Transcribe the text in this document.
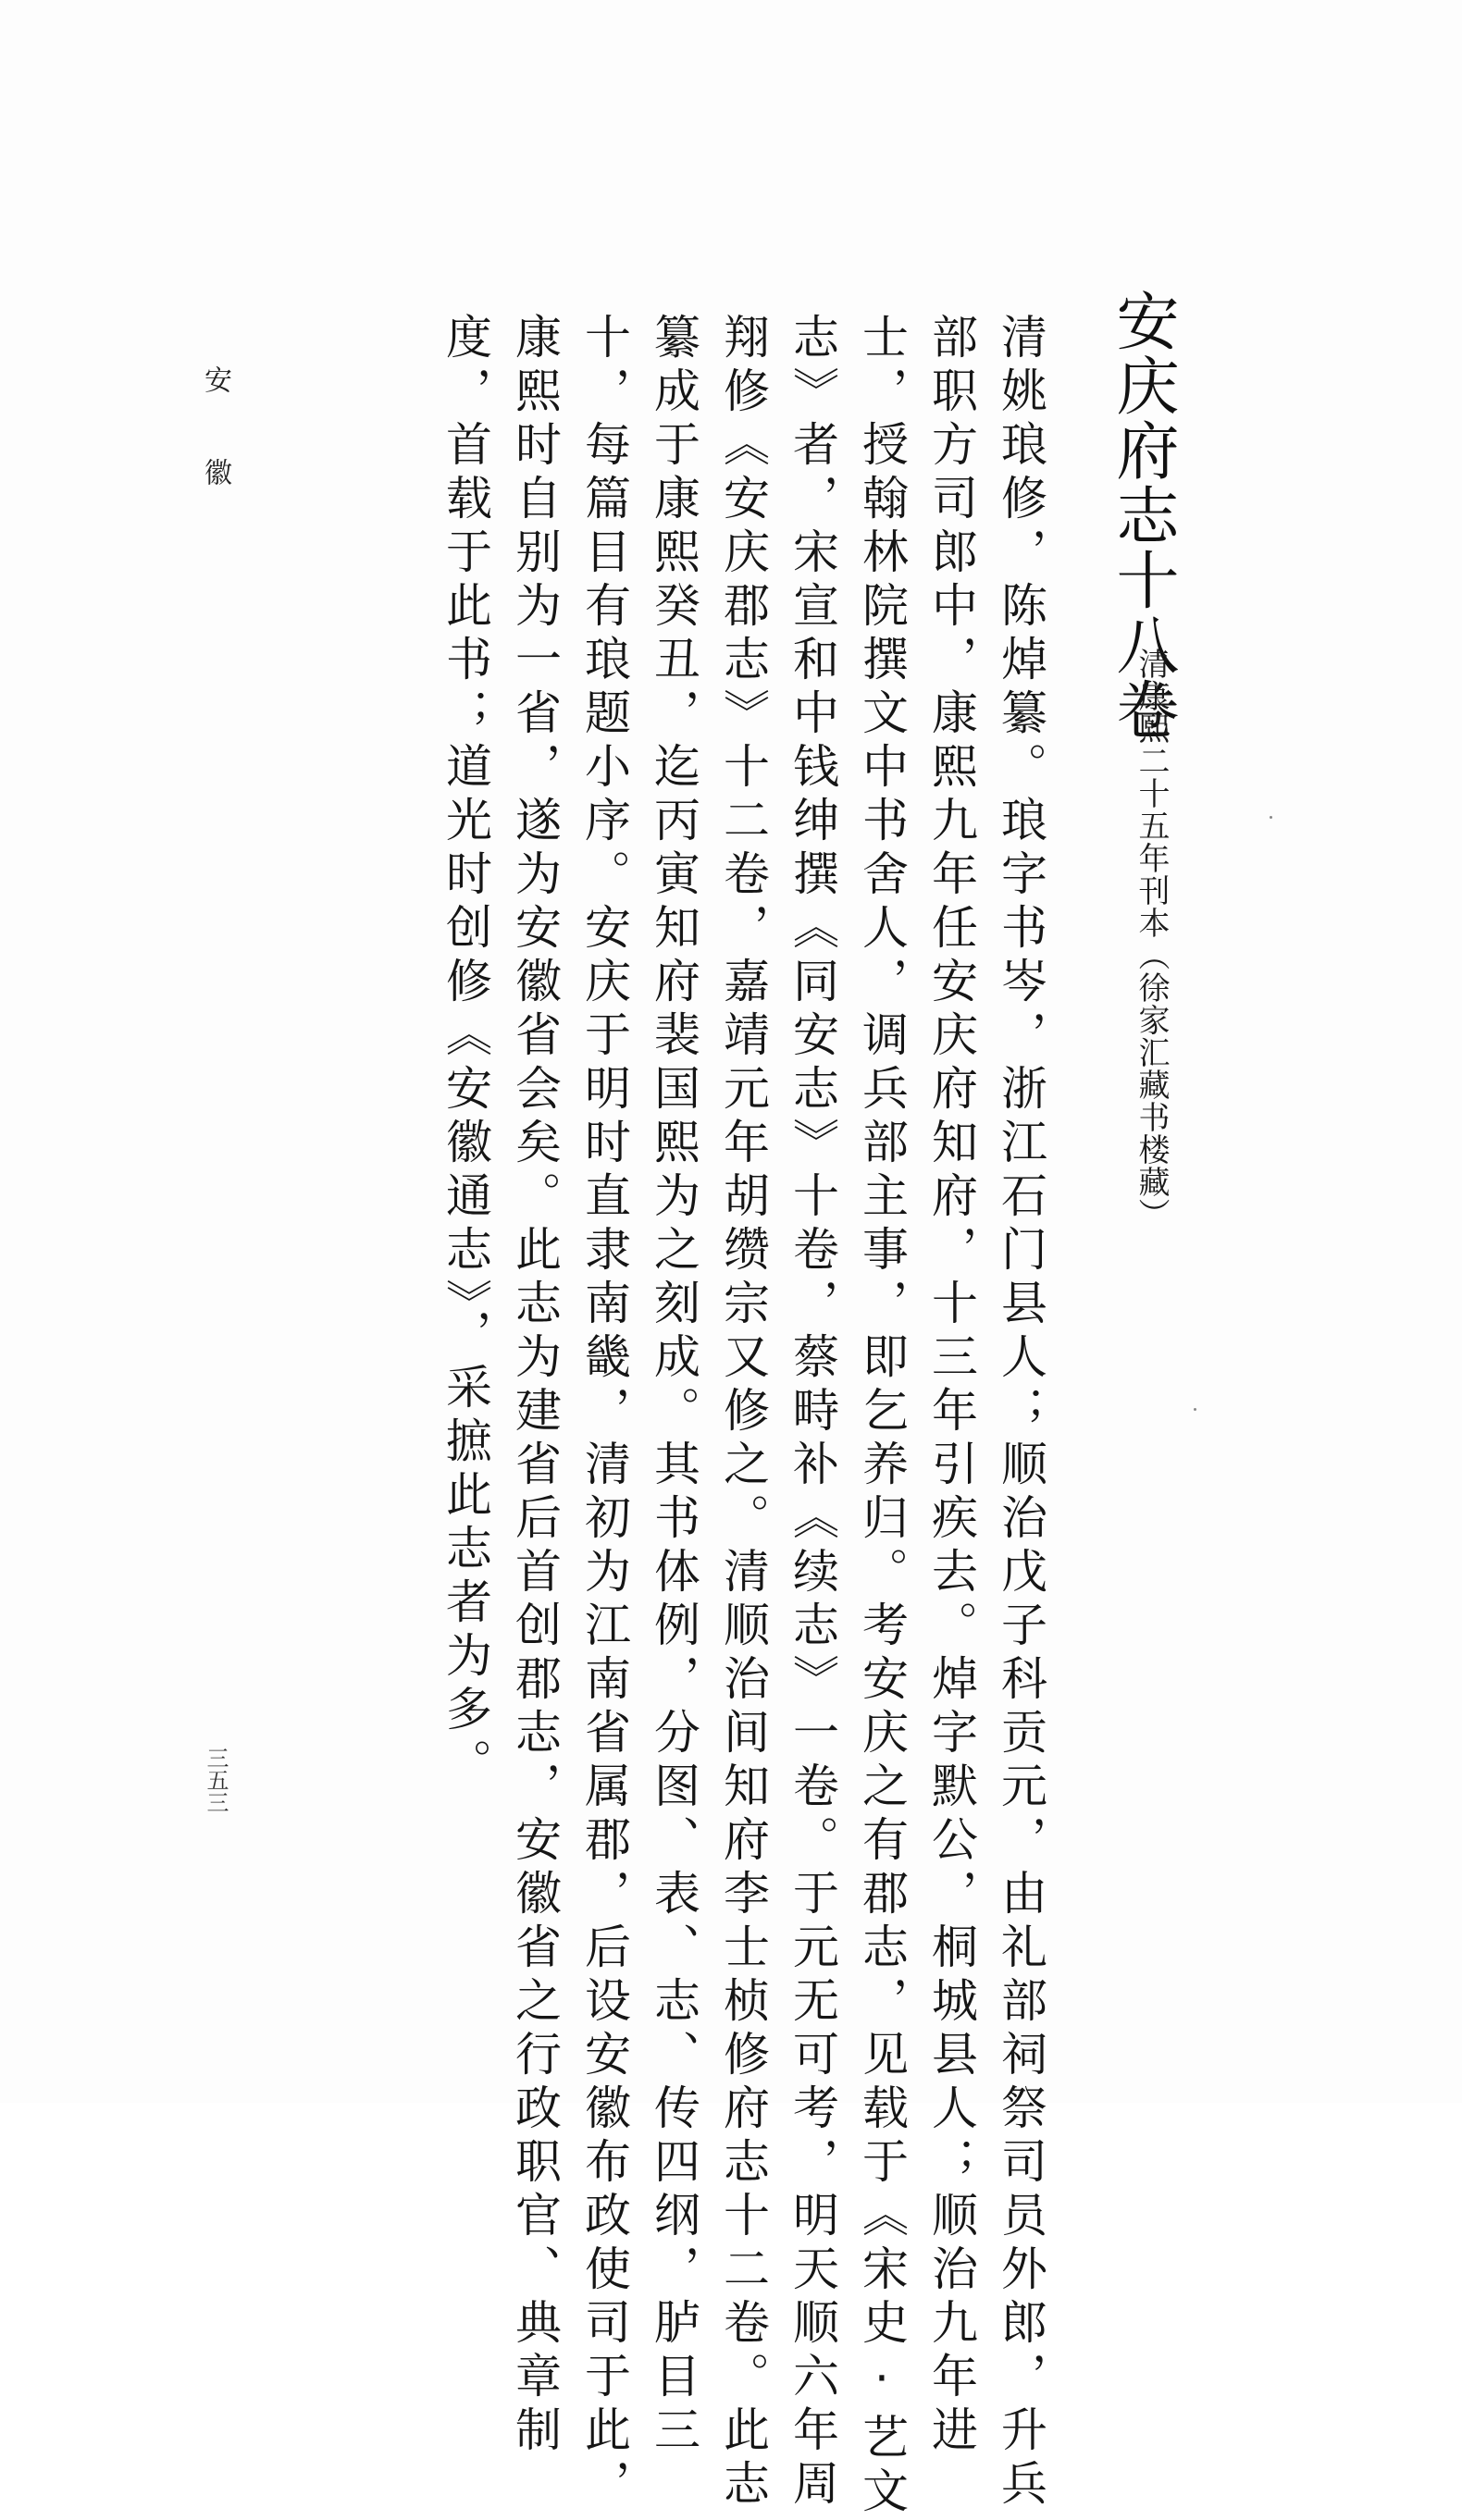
安徽
三五三
安庆府志十八卷
清康熙二十五年刊本（徐家汇藏书楼藏）

清姚琅修，陈焯纂。琅字书岑，浙江石门县人；顺治戊子科贡元，由礼部祠祭司员外郎，升兵

部职方司郎中，康熙九年任安庆府知府，十三年引疾去。焯字默公，桐城县人；顺治九年进

士，授翰林院撰文中书舍人，调兵部主事，即乞养归。考安庆之有郡志，见载于《宋史·艺文

志》者，宋宣和中钱绅撰《同安志》十卷，蔡畤补《续志》一卷。于元无可考，明天顺六年周

翔修《安庆郡志》十二卷，嘉靖元年胡缵宗又修之。清顺治间知府李士桢修府志十二卷。此志

纂成于康熙癸丑，迄丙寅知府裴国熙为之刻成。其书体例，分图、表、志、传四纲，胪目三

十，每篇目有琅题小序。安庆于明时直隶南畿，清初为江南省属郡，后设安徽布政使司于此，

康熙时自别为一省，遂为安徽省会矣。此志为建省后首创郡志，安徽省之行政职官、典章制

度，首载于此书；道光时创修《安徽通志》，采摭此志者为多。
